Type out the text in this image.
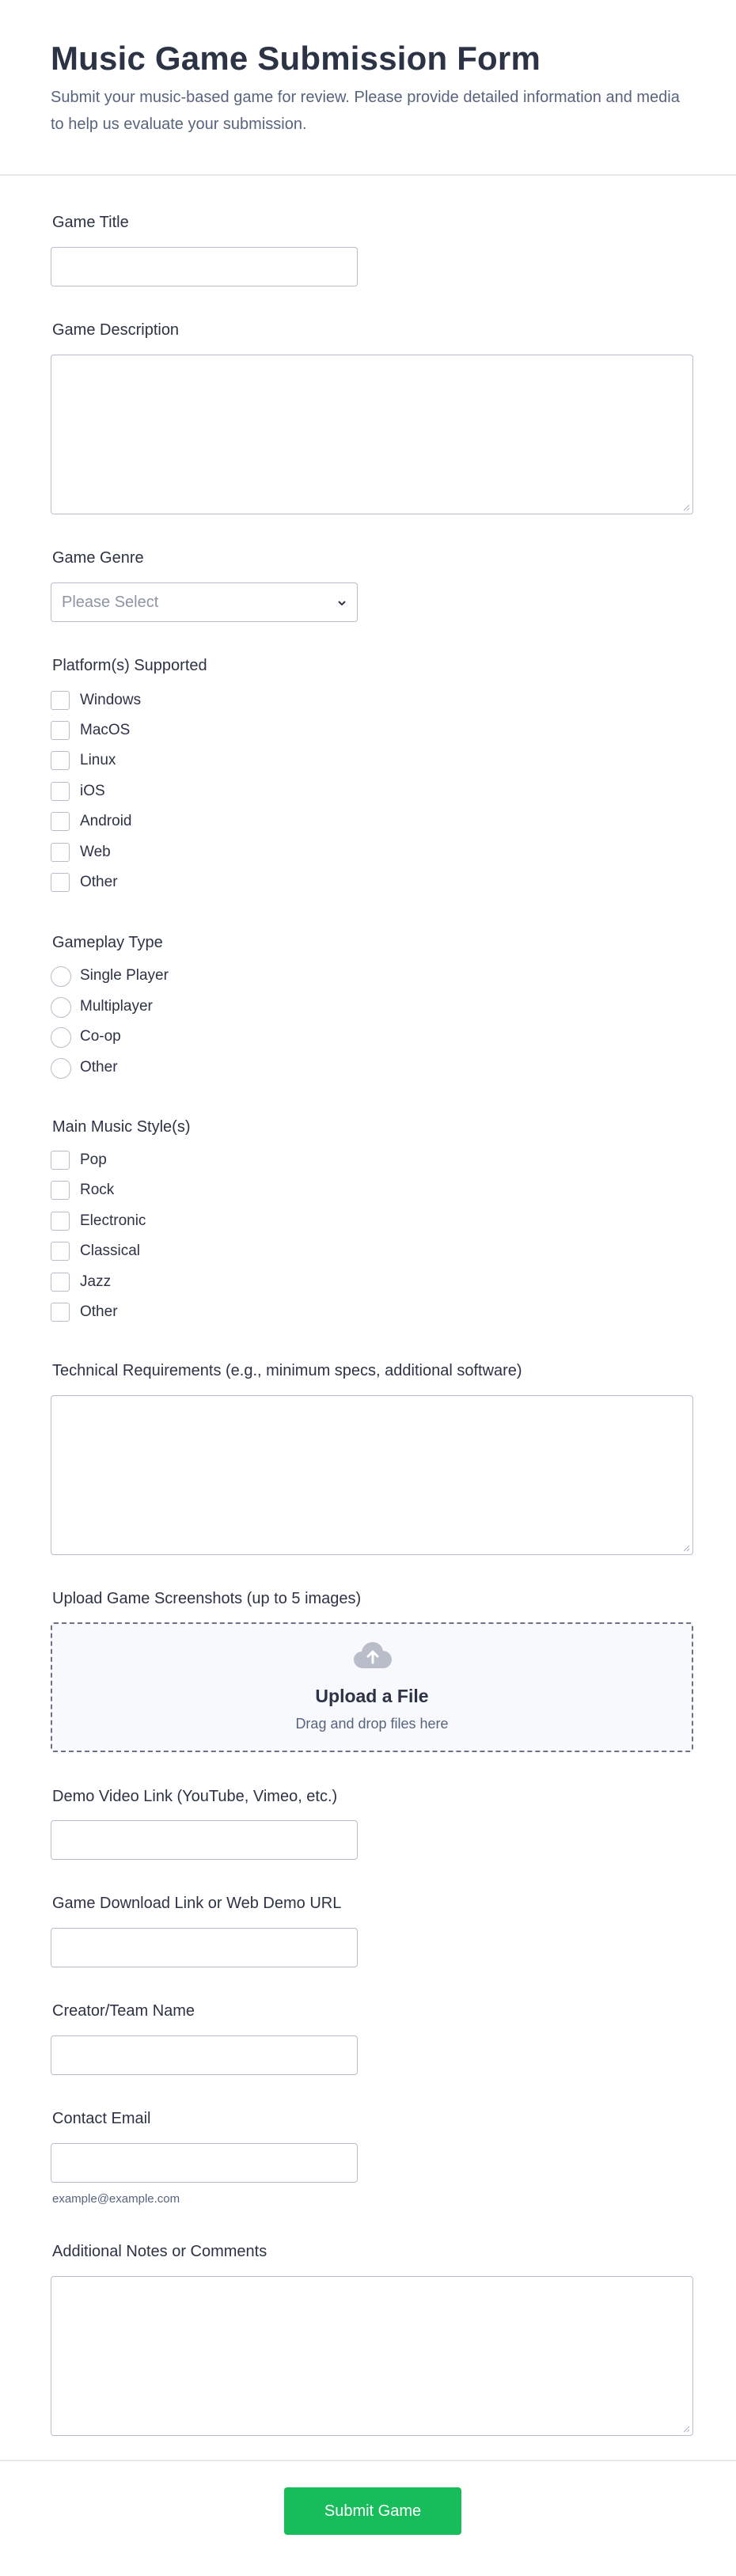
Music Game Submission Form
Submit your music-based game for review. Please provide detailed information and media to help us evaluate your submission.
Game Title
Game Description
Game Genre
Please Select
Platform(s) Supported
Windows
MacOS
Linux
iOS
Android
Web
Other
Gameplay Type
Single Player
Multiplayer
Co-op
Other
Main Music Style(s)
Pop
Rock
Electronic
Classical
Jazz
Other
Technical Requirements (e.g., minimum specs, additional software)
Upload Game Screenshots (up to 5 images)
Upload a File
Drag and drop files here
Demo Video Link (YouTube, Vimeo, etc.)
Game Download Link or Web Demo URL
Creator/Team Name
Contact Email
example@example.com
Additional Notes or Comments
Submit Game
